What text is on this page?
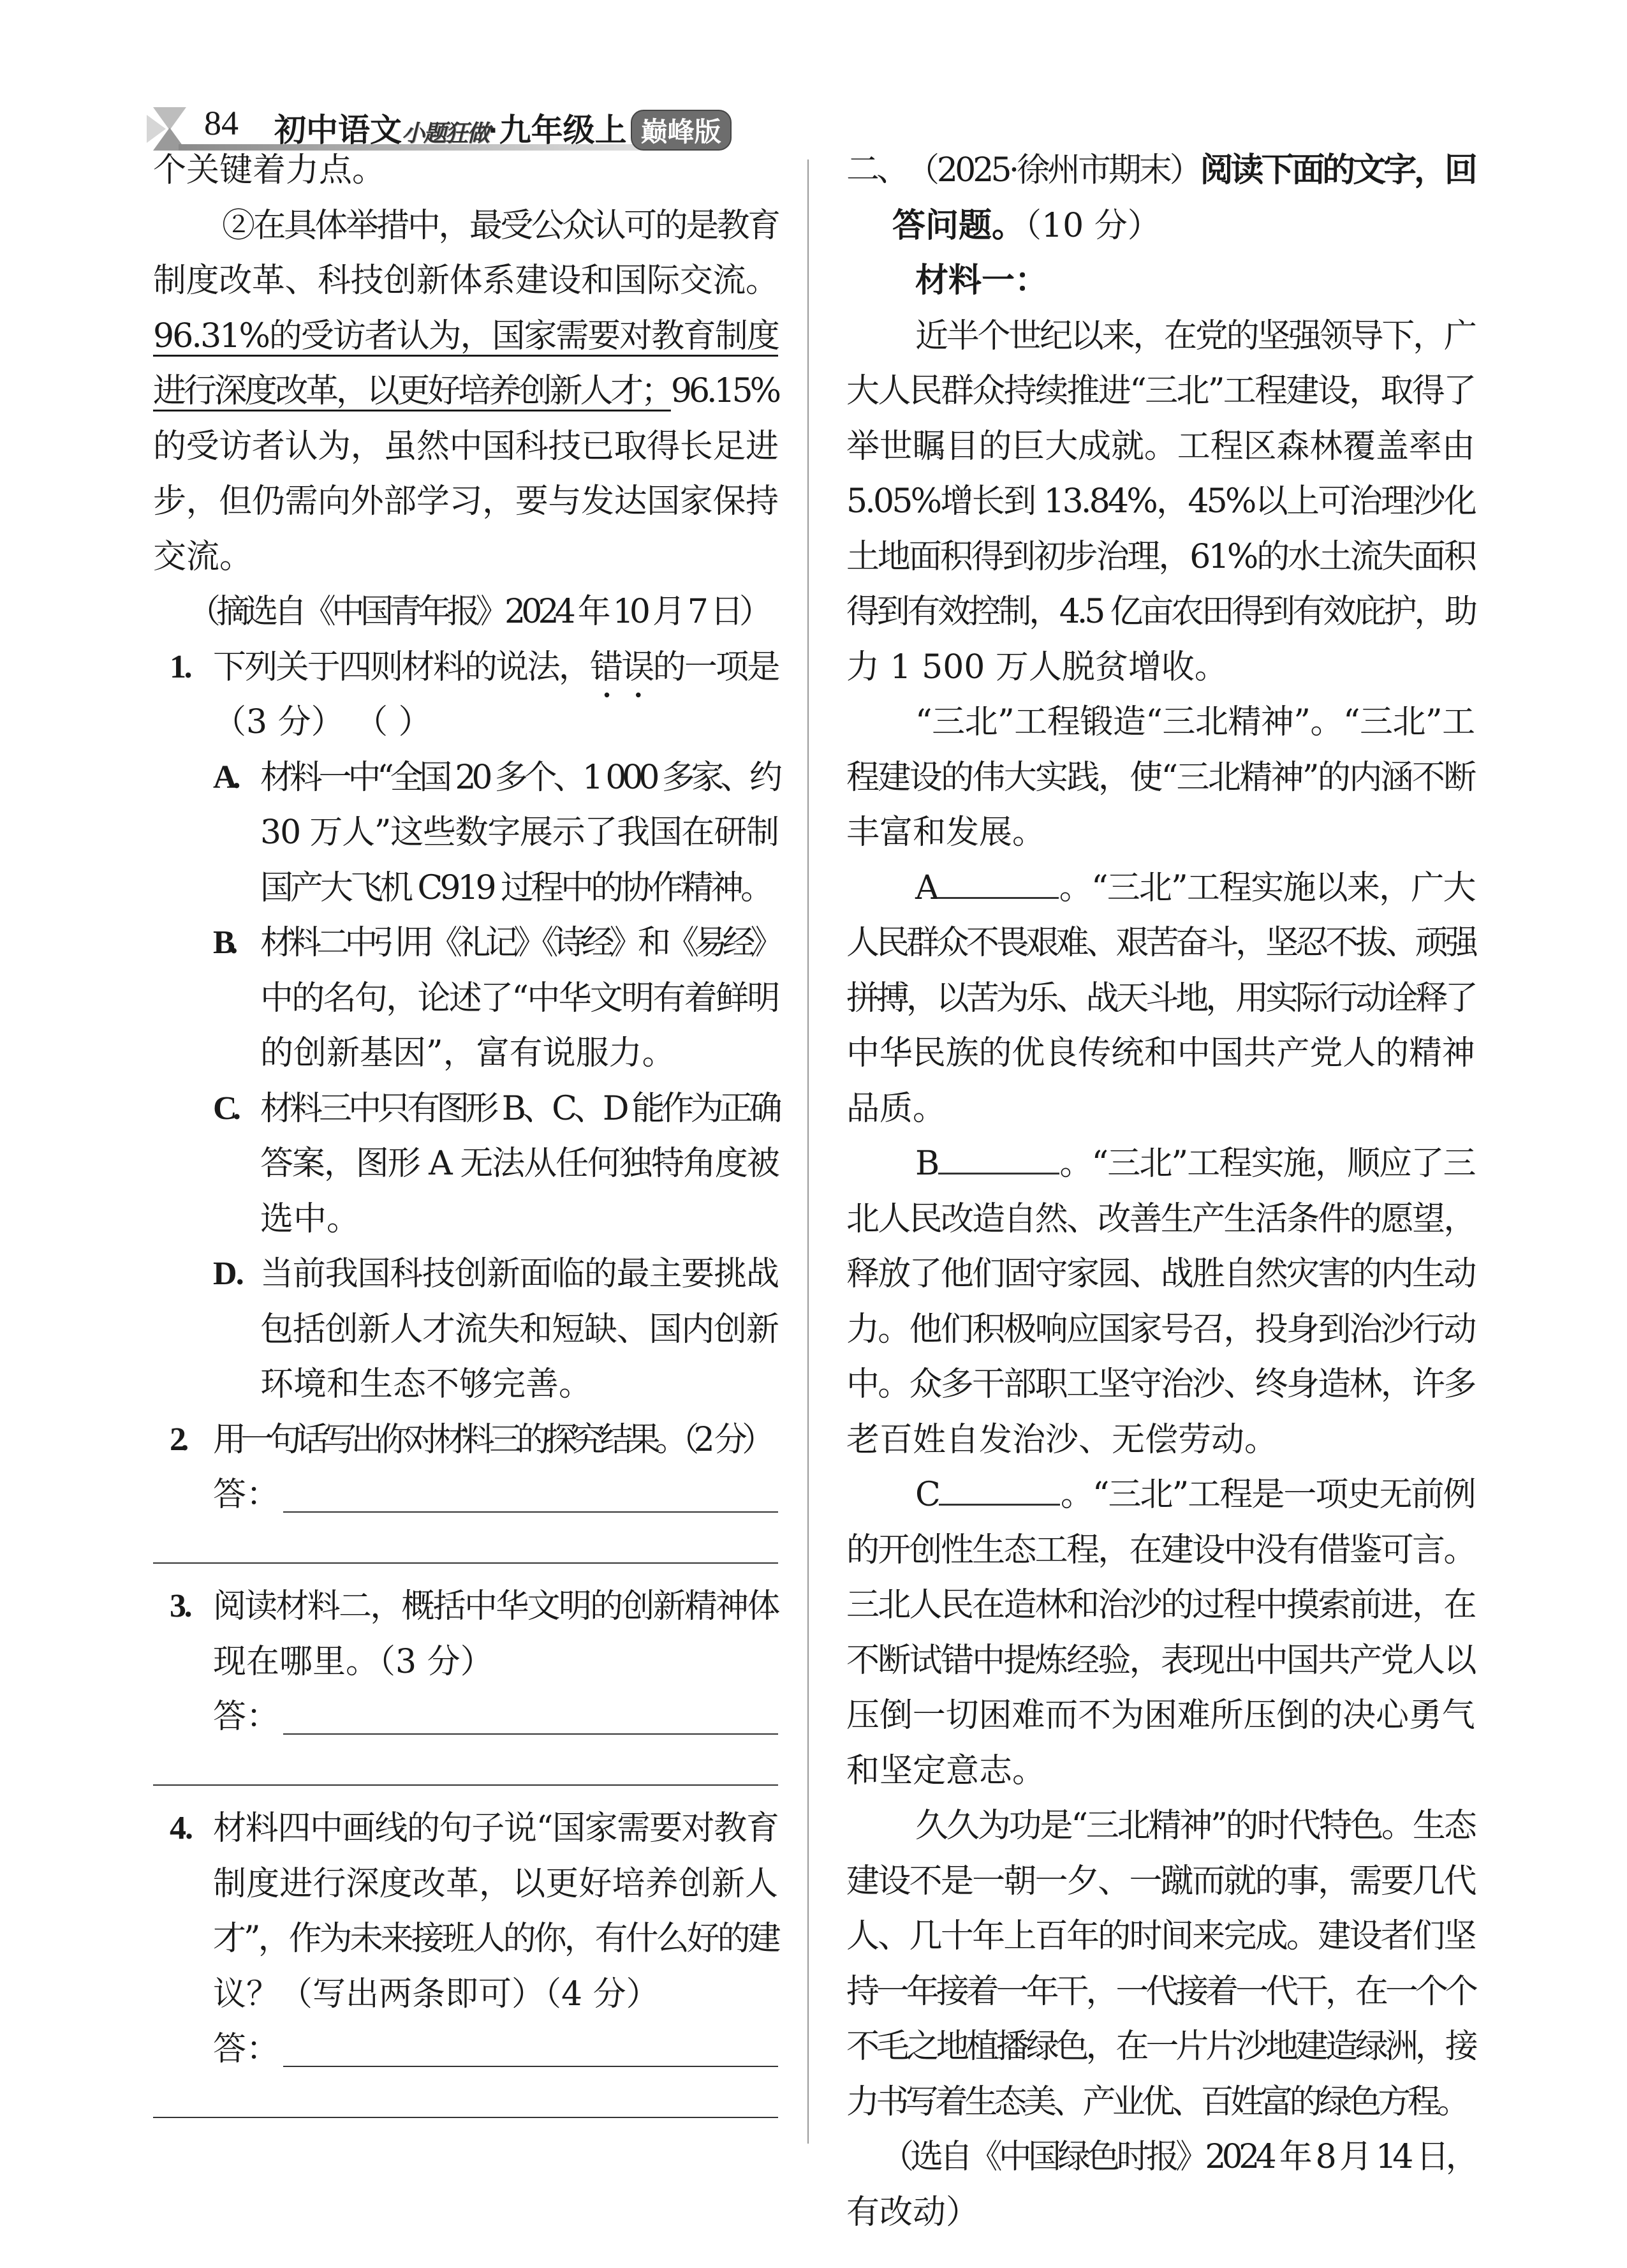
84 初中语文小题狂做·九年级上 巅峰版
个关键着力点。
②在具体举措中，最受公众认可的是教育
制度改革、科技创新体系建设和国际交流。
96.31%的受访者认为，国家需要对教育制度
进行深度改革，以更好培养创新人才；96.15%
的受访者认为，虽然中国科技已取得长足进
步，但仍需向外部学习，要与发达国家保持
交流。
（摘选自《中国青年报》2024 年 10 月 7 日）
1. 下列关于四则材料的说法，错误的一项是
（3 分） （ ）
A. 材料一中“全国 20 多个、1 000 多家、约
30 万人”这些数字展示了我国在研制
国产大飞机 C919 过程中的协作精神。
B. 材料二中引用《礼记》《诗经》和《易经》
中的名句，论述了“中华文明有着鲜明
的创新基因”，富有说服力。
C. 材料三中只有图形 B、C、D 能作为正确
答案，图形 A 无法从任何独特角度被
选中。
D. 当前我国科技创新面临的最主要挑战
包括创新人才流失和短缺、国内创新
环境和生态不够完善。
2. 用一句话写出你对材料三的探究结果。（2 分）
答：
3. 阅读材料二，概括中华文明的创新精神体
现在哪里。（3 分）
答：
4. 材料四中画线的句子说“国家需要对教育
制度进行深度改革，以更好培养创新人
才”，作为未来接班人的你，有什么好的建
议？（写出两条即可）（4 分）
答：
二、 （2025·徐州市期末）阅读下面的文字，回
答问题。（10 分）
材料一：
近半个世纪以来，在党的坚强领导下，广
大人民群众持续推进“三北”工程建设，取得了
举世瞩目的巨大成就。工程区森林覆盖率由
5.05%增长到 13.84%，45%以上可治理沙化
土地面积得到初步治理，61%的水土流失面积
得到有效控制，4.5 亿亩农田得到有效庇护，助
力 1 500 万人脱贫增收。
“三北”工程锻造“三北精神”。“三北”工
程建设的伟大实践，使“三北精神”的内涵不断
丰富和发展。
A	。“三北”工程实施以来，广大
人民群众不畏艰难、艰苦奋斗，坚忍不拔、顽强
拼搏，以苦为乐、战天斗地，用实际行动诠释了
中华民族的优良传统和中国共产党人的精神
品质。
B	。“三北”工程实施，顺应了三
北人民改造自然、改善生产生活条件的愿望，
释放了他们固守家园、战胜自然灾害的内生动
力。他们积极响应国家号召，投身到治沙行动
中。众多干部职工坚守治沙、终身造林，许多
老百姓自发治沙、无偿劳动。
C	。“三北”工程是一项史无前例
的开创性生态工程，在建设中没有借鉴可言。
三北人民在造林和治沙的过程中摸索前进，在
不断试错中提炼经验，表现出中国共产党人以
压倒一切困难而不为困难所压倒的决心勇气
和坚定意志。
久久为功是“三北精神”的时代特色。生态
建设不是一朝一夕、一蹴而就的事，需要几代
人、几十年上百年的时间来完成。建设者们坚
持一年接着一年干，一代接着一代干，在一个个
不毛之地植播绿色，在一片片沙地建造绿洲，接
力书写着生态美、产业优、百姓富的绿色方程。
（选自《中国绿色时报》2024 年 8 月 14 日，
有改动）
